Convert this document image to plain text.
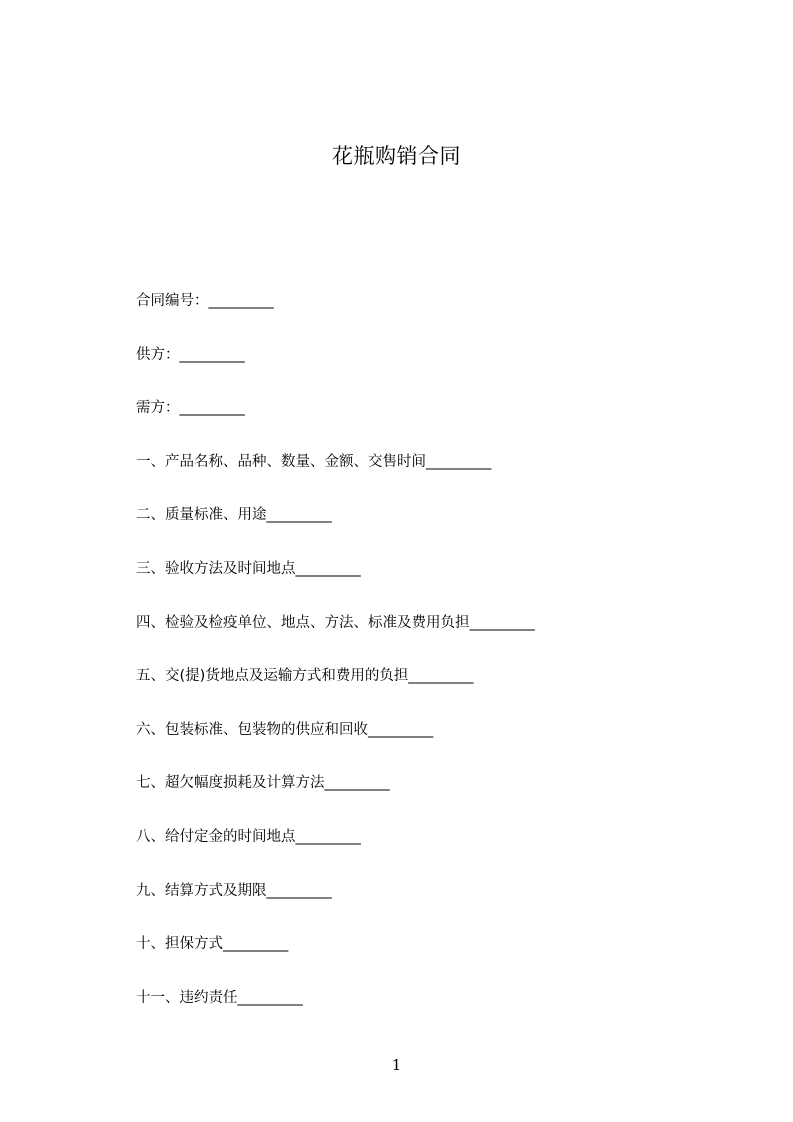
花瓶购销合同
合同编号：_________
供方：_________
需方：_________
一、产品名称、品种、数量、金额、交售时间_________
二、质量标准、用途_________
三、验收方法及时间地点_________
四、检验及检疫单位、地点、方法、标准及费用负担_________
五、交(提)货地点及运输方式和费用的负担_________
六、包装标准、包装物的供应和回收_________
七、超欠幅度损耗及计算方法_________
八、给付定金的时间地点_________
九、结算方式及期限_________
十、担保方式_________
十一、违约责任_________
1
